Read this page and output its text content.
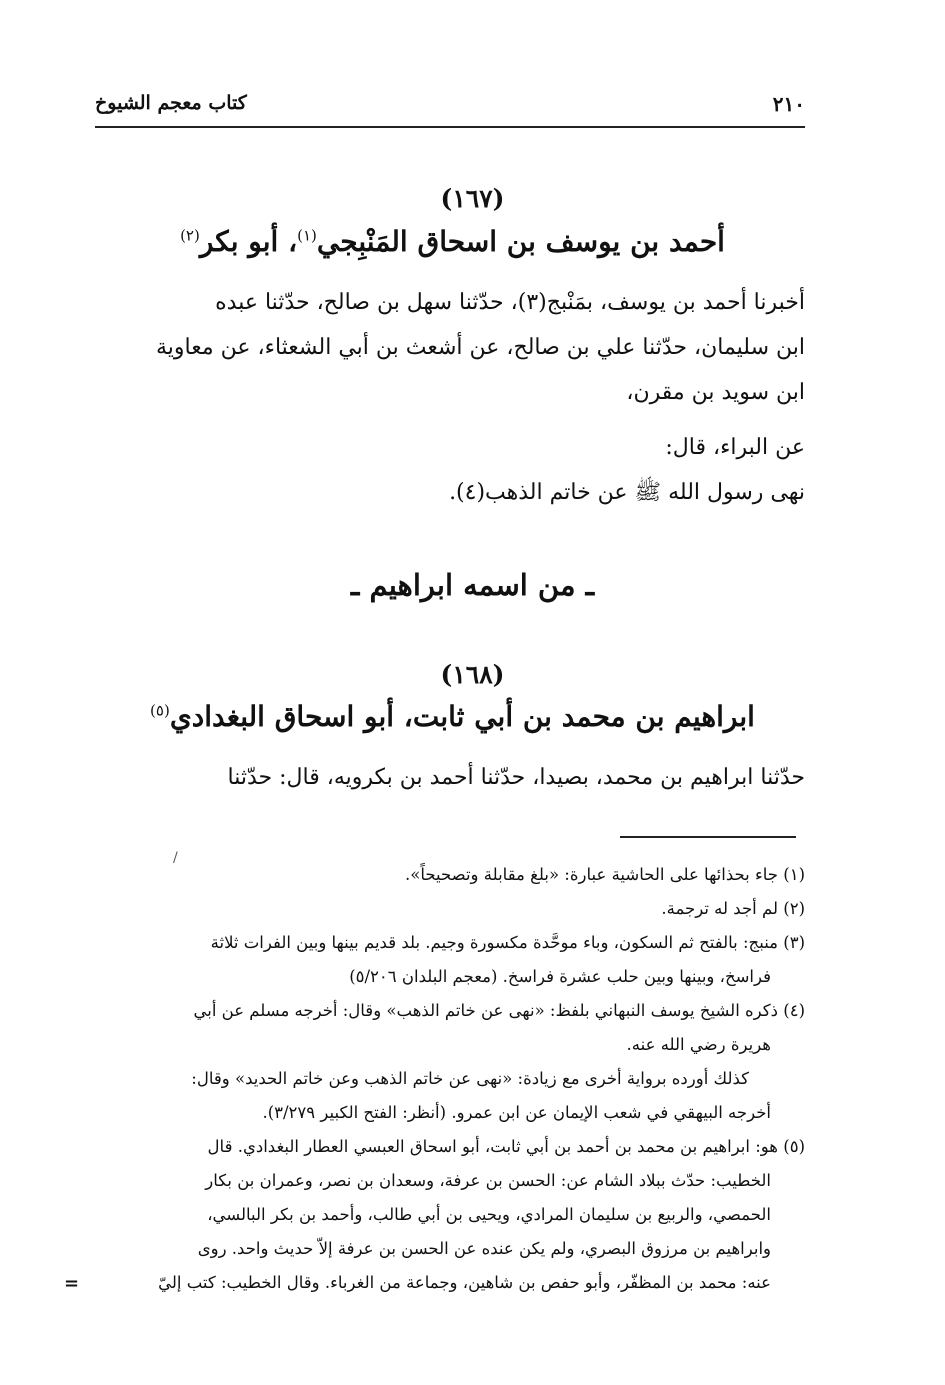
٢١٠
كتاب معجم الشيوخ
(١٦٧)
أحمد بن يوسف بن اسحاق المَنْبِجي$^{(١)}$، أبو بكر$^{(٢)}$
أخبرنا أحمد بن يوسف، بمَنْبج(٣)، حدّثنا سهل بن صالح، حدّثنا عبده
ابن سليمان، حدّثنا علي بن صالح، عن أشعث بن أبي الشعثاء، عن معاوية
ابن سويد بن مقرن،
عن البراء، قال:
نهى رسول الله ﷺ عن خاتم الذهب(٤).
ـ من اسمه ابراهيم ـ
(١٦٨)
ابراهيم بن محمد بن أبي ثابت، أبو اسحاق البغدادي$^{(٥)}$
حدّثنا ابراهيم بن محمد، بصيدا، حدّثنا أحمد بن بكرويه، قال: حدّثنا
/
(١) جاء بحذائها على الحاشية عبارة: «بلغ مقابلة وتصحيحاً».
(٢) لم أجد له ترجمة.
(٣) منبج: بالفتح ثم السكون، وباء موحَّدة مكسورة وجيم. بلد قديم بينها وبين الفرات ثلاثة
فراسخ، وبينها وبين حلب عشرة فراسخ. (معجم البلدان ٥/٢٠٦)
(٤) ذكره الشيخ يوسف النبهاني بلفظ: «نهى عن خاتم الذهب» وقال: أخرجه مسلم عن أبي
هريرة رضي الله عنه.
كذلك أورده برواية أخرى مع زيادة: «نهى عن خاتم الذهب وعن خاتم الحديد» وقال:
أخرجه البيهقي في شعب الإيمان عن ابن عمرو. (أنظر: الفتح الكبير ٣/٢٧٩).
(٥) هو: ابراهيم بن محمد بن أحمد بن أبي ثابت، أبو اسحاق العبسي العطار البغدادي. قال
الخطيب: حدّث ببلاد الشام عن: الحسن بن عرفة، وسعدان بن نصر، وعمران بن بكار
الحمصي، والربيع بن سليمان المرادي، ويحيى بن أبي طالب، وأحمد بن بكر البالسي،
وابراهيم بن مرزوق البصري، ولم يكن عنده عن الحسن بن عرفة إلاّ حديث واحد. روى
عنه: محمد بن المظفّر، وأبو حفص بن شاهين، وجماعة من الغرباء. وقال الخطيب: كتب إليّ
=
